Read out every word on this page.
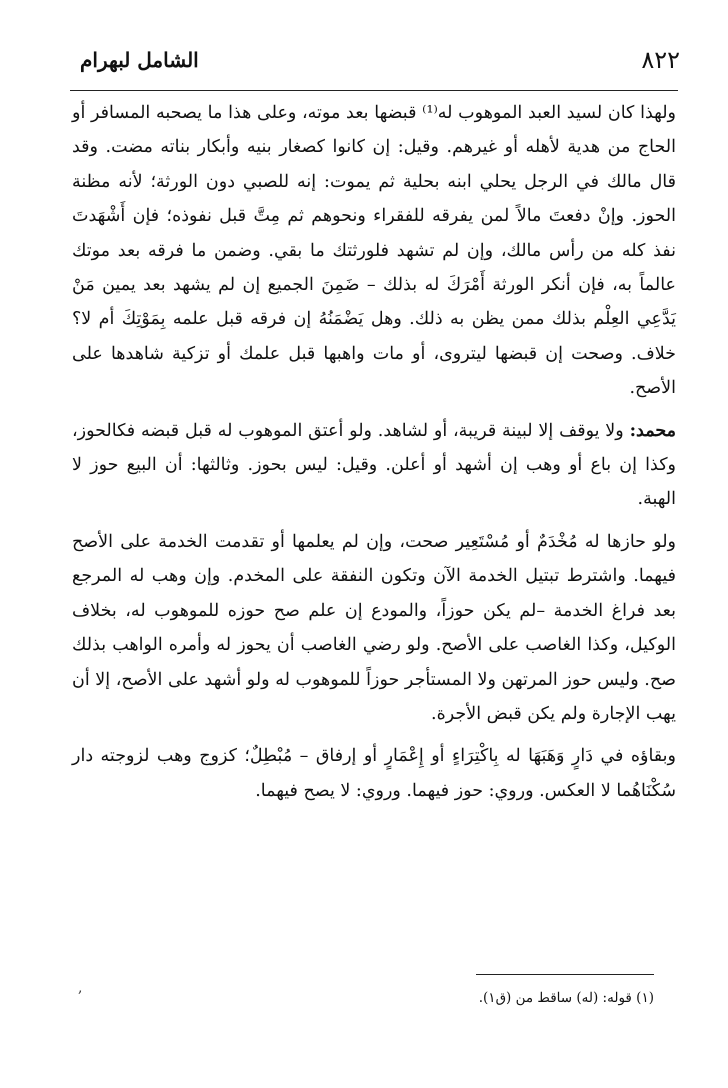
٨٢٢
الشامل لبهرام

ولهذا كان لسيد العبد الموهوب له⁽¹⁾ قبضها بعد موته، وعلى هذا ما يصحبه المسافر أو الحاج من هدية لأهله أو غيرهم. وقيل: إن كانوا كصغار بنيه وأبكار بناته مضت. وقد قال مالك في الرجل يحلي ابنه بحلية ثم يموت: إنه للصبي دون الورثة؛ لأنه مظنة الحوز. وإنْ دفعتَ مالاً لمن يفرقه للفقراء ونحوهم ثم مِتَّ قبل نفوذه؛ فإن أَشْهَدتَ نفذ كله من رأس مالك، وإن لم تشهد فلورثتك ما بقي. وضمن ما فرقه بعد موتك عالماً به، فإن أنكر الورثة أَمْرَكَ له بذلك – ضَمِنَ الجميع إن لم يشهد بعد يمين مَنْ يَدَّعِي العِلْم بذلك ممن يظن به ذلك. وهل يَضْمَنُهُ إن فرقه قبل علمه بِمَوْتِكَ أم لا؟ خلاف. وصحت إن قبضها ليتروى، أو مات واهبها قبل علمك أو تزكية شاهدها على الأصح.

محمد: ولا يوقف إلا لبينة قريبة، أو لشاهد. ولو أعتق الموهوب له قبل قبضه فكالحوز، وكذا إن باع أو وهب إن أشهد أو أعلن. وقيل: ليس بحوز. وثالثها: أن البيع حوز لا الهبة.

ولو حازها له مُخْدَمٌ أو مُسْتَعِير صحت، وإن لم يعلمها أو تقدمت الخدمة على الأصح فيهما. واشترط تبتيل الخدمة الآن وتكون النفقة على المخدم. وإن وهب له المرجع بعد فراغ الخدمة –لم يكن حوزاً، والمودع إن علم صح حوزه للموهوب له، بخلاف الوكيل، وكذا الغاصب على الأصح. ولو رضي الغاصب أن يحوز له وأمره الواهب بذلك صح. وليس حوز المرتهن ولا المستأجر حوزاً للموهوب له ولو أشهد على الأصح، إلا أن يهب الإجارة ولم يكن قبض الأجرة.

وبقاؤه في دَارٍ وَهَبَهَا له بِاكْتِرَاءٍ أو إِعْمَارٍ أو إرفاق – مُبْطِلٌ؛ كزوج وهب لزوجته دار سُكْنَاهُما لا العكس. وروي: حوز فيهما. وروي: لا يصح فيهما.

,
(١) قوله: (له) ساقط من (ق١).
